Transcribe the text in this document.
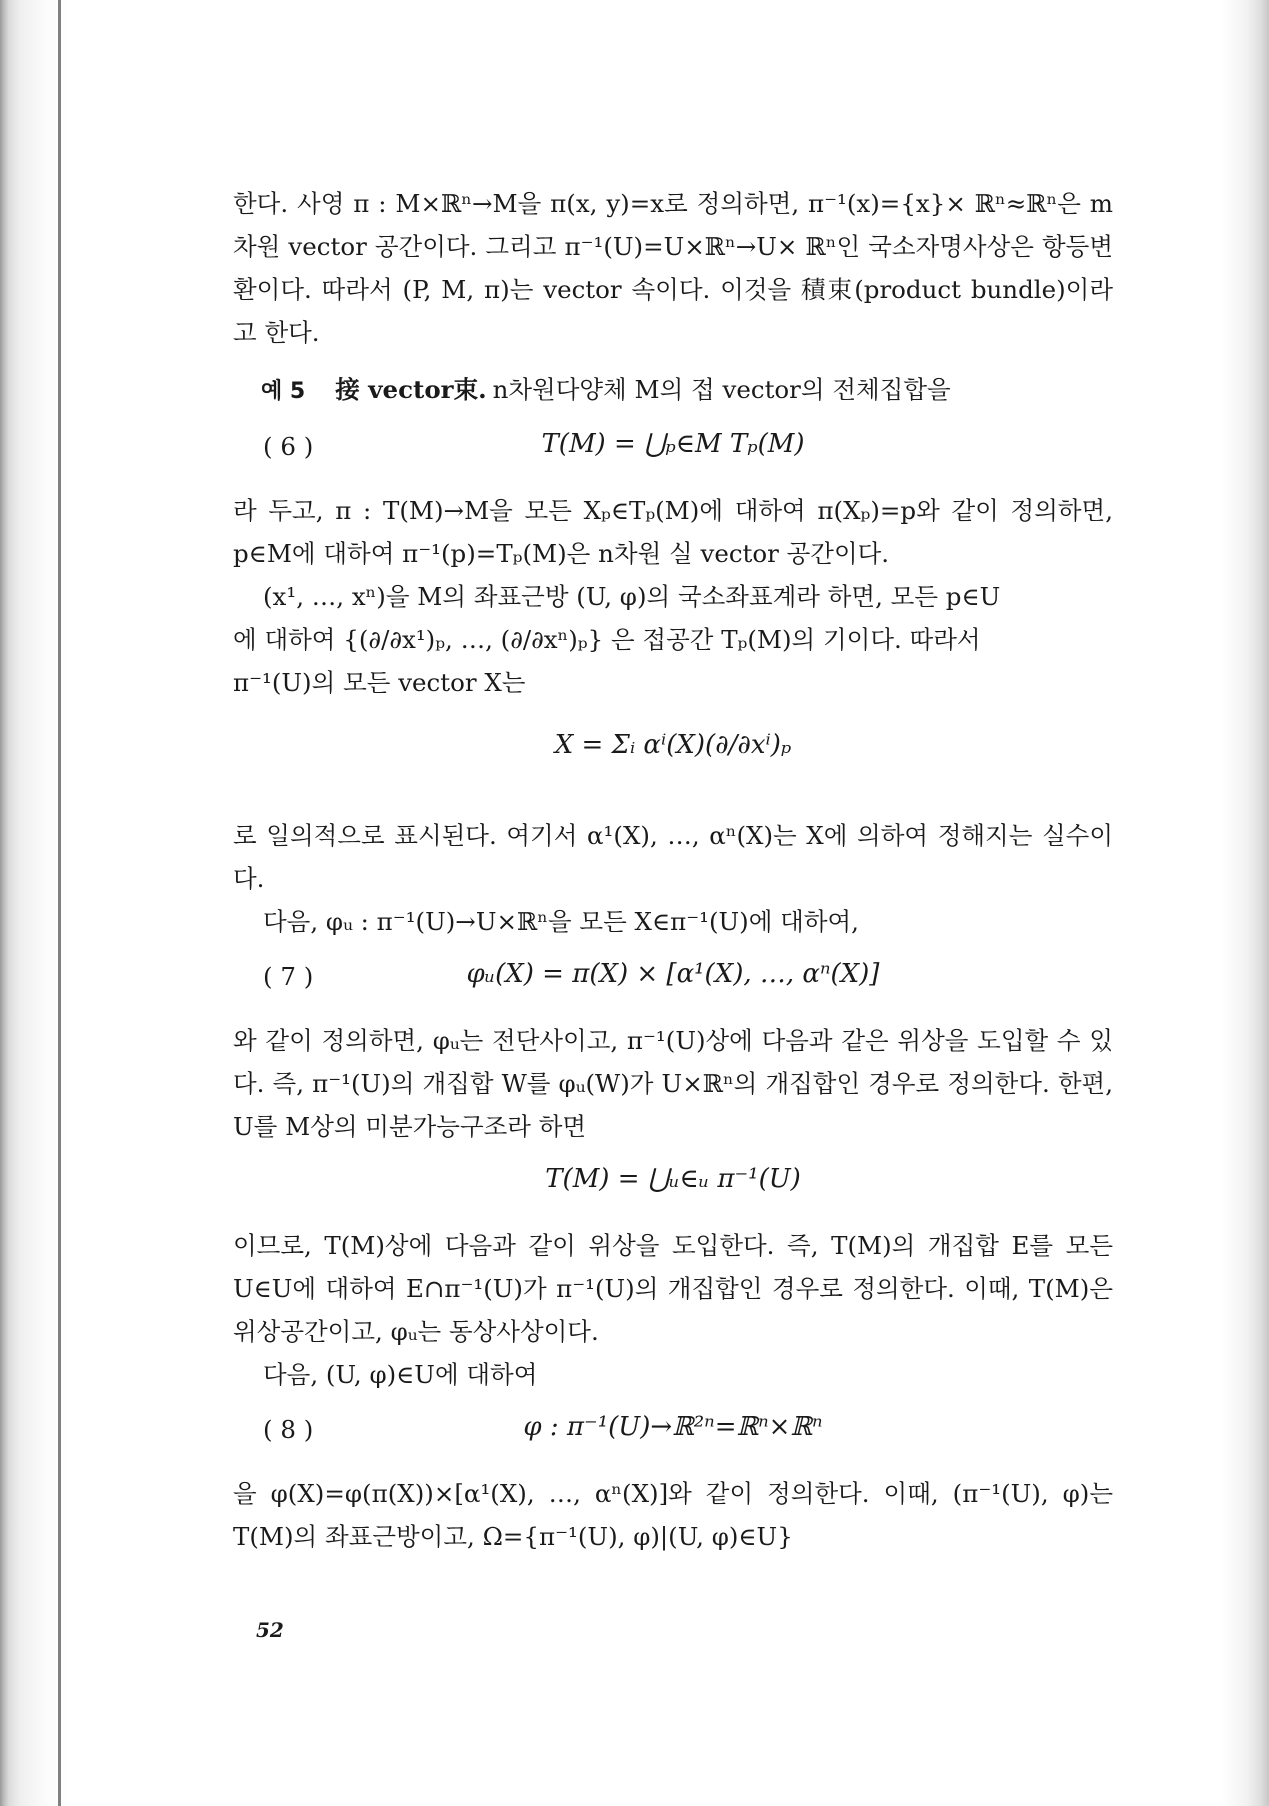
한다. 사영 π : M×ℝⁿ→M을 π(x, y)=x로 정의하면, π⁻¹(x)={x}× ℝⁿ≈ℝⁿ은 m차원 vector 공간이다. 그리고 π⁻¹(U)=U×ℝⁿ→U× ℝⁿ인 국소자명사상은 항등변환이다. 따라서 (P, M, π)는 vector 속이다. 이것을 積束(product bundle)이라고 한다.

예 5 接 vector束. n차원다양체 M의 접 vector의 전체집합을

( 6 )	T(M) = ⋃ₚ∈M Tₚ(M)

라 두고, π : T(M)→M을 모든 Xₚ∈Tₚ(M)에 대하여 π(Xₚ)=p와 같이 정의하면, p∈M에 대하여 π⁻¹(p)=Tₚ(M)은 n차원 실 vector 공간이다.

(x¹, …, xⁿ)을 M의 좌표근방 (U, φ)의 국소좌표계라 하면, 모든 p∈U

에 대하여 {(∂/∂x¹)ₚ, …, (∂/∂xⁿ)ₚ} 은 접공간 Tₚ(M)의 기이다. 따라서

π⁻¹(U)의 모든 vector X는

X = Σᵢ αⁱ(X)(∂/∂xⁱ)ₚ

로 일의적으로 표시된다. 여기서 α¹(X), …, αⁿ(X)는 X에 의하여 정해지는 실수이다.

다음, φᵤ : π⁻¹(U)→U×ℝⁿ을 모든 X∈π⁻¹(U)에 대하여,

( 7 )	φᵤ(X) = π(X) × [α¹(X), …, αⁿ(X)]

와 같이 정의하면, φᵤ는 전단사이고, π⁻¹(U)상에 다음과 같은 위상을 도입할 수 있다. 즉, π⁻¹(U)의 개집합 W를 φᵤ(W)가 U×ℝⁿ의 개집합인 경우로 정의한다. 한편, U를 M상의 미분가능구조라 하면

T(M) = ⋃ᵤ∈ᵤ π⁻¹(U)

이므로, T(M)상에 다음과 같이 위상을 도입한다. 즉, T(M)의 개집합 E를 모든 U∈U에 대하여 E∩π⁻¹(U)가 π⁻¹(U)의 개집합인 경우로 정의한다. 이때, T(M)은 위상공간이고, φᵤ는 동상사상이다.

다음, (U, φ)∈U에 대하여

( 8 )	φ : π⁻¹(U)→ℝ²ⁿ=ℝⁿ×ℝⁿ

을 φ(X)=φ(π(X))×[α¹(X), …, αⁿ(X)]와 같이 정의한다. 이때, (π⁻¹(U), φ)는 T(M)의 좌표근방이고, Ω={π⁻¹(U), φ)|(U, φ)∈U}

52
